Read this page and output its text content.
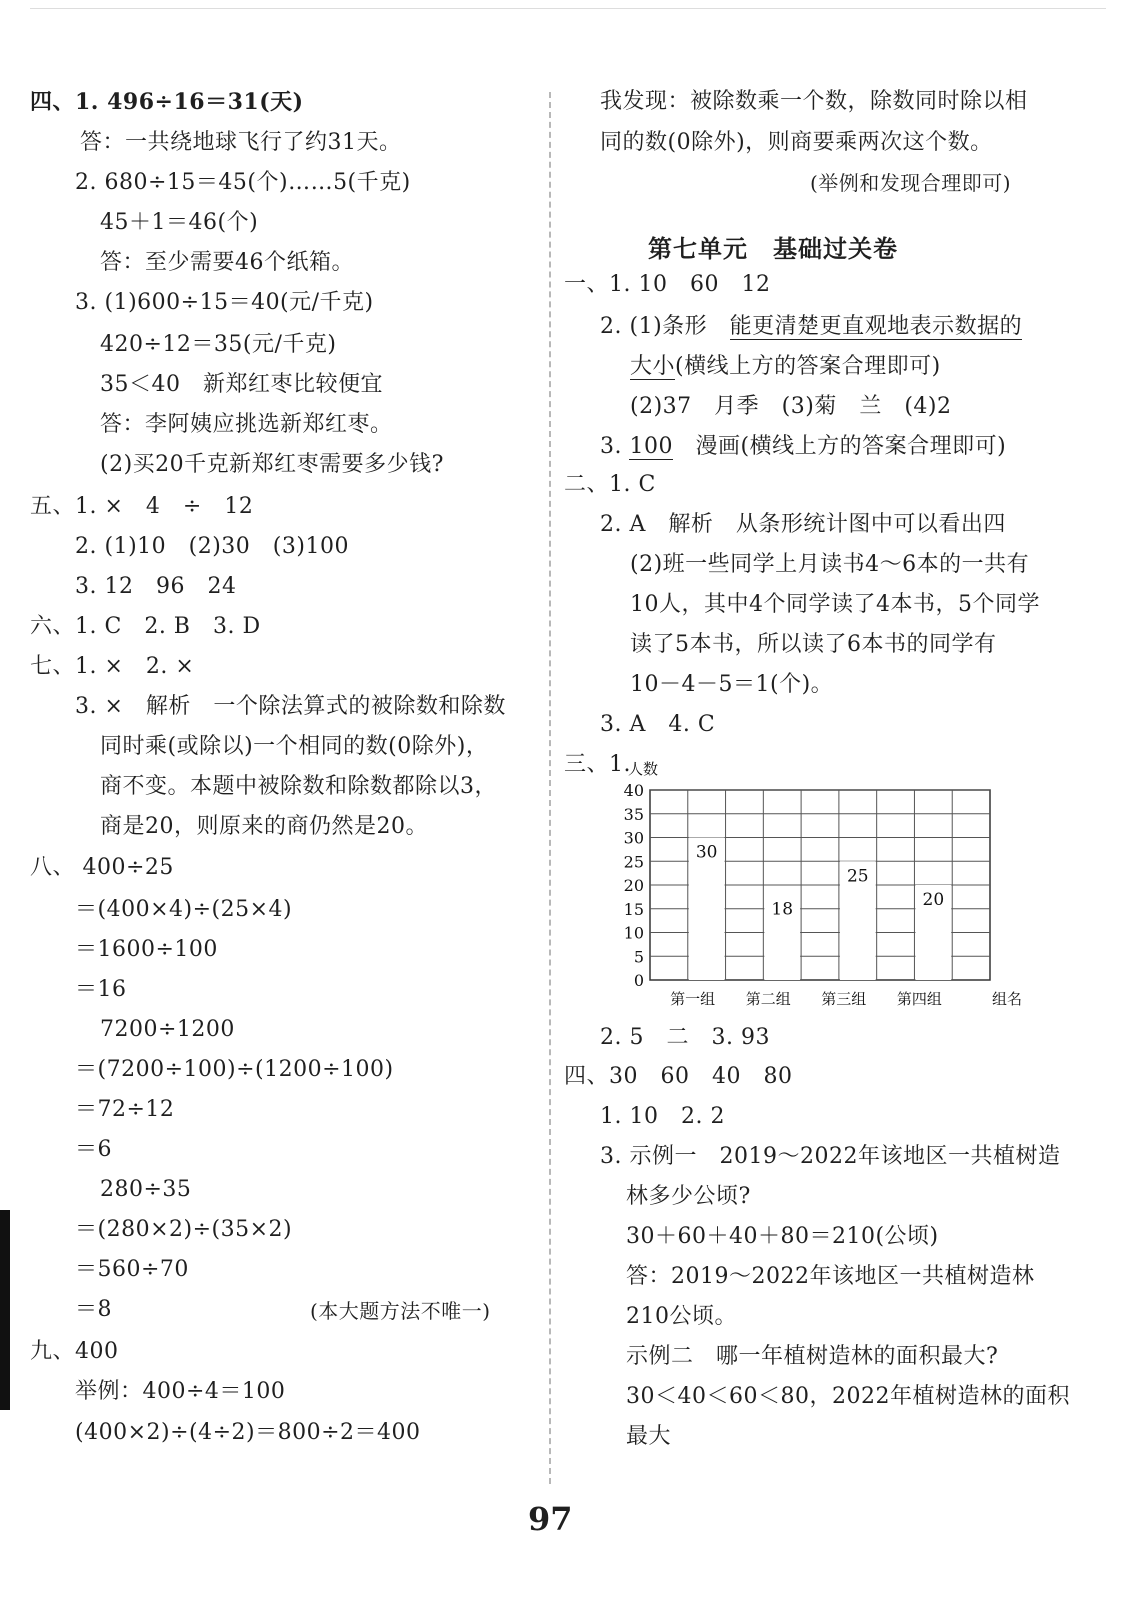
四、1. 496÷16＝31(天)
答：一共绕地球飞行了约31天。
2. 680÷15＝45(个)……5(千克)
45＋1＝46(个)
答：至少需要46个纸箱。
3. (1)600÷15＝40(元/千克)
420÷12＝35(元/千克)
35＜40　新郑红枣比较便宜
答：李阿姨应挑选新郑红枣。
(2)买20千克新郑红枣需要多少钱?
五、1. ×　4　÷　12
2. (1)10　(2)30　(3)100
3. 12　96　24
六、1. C　2. B　3. D
七、1. ×　2. ×
3. ×　解析　一个除法算式的被除数和除数
同时乘(或除以)一个相同的数(0除外)，
商不变。本题中被除数和除数都除以3，
商是20，则原来的商仍然是20。
八、 400÷25
＝(400×4)÷(25×4)
＝1600÷100
＝16
7200÷1200
＝(7200÷100)÷(1200÷100)
＝72÷12
＝6
280÷35
＝(280×2)÷(35×2)
＝560÷70
＝8	(本大题方法不唯一)
九、400
举例：400÷4＝100
(400×2)÷(4÷2)＝800÷2＝400
我发现：被除数乘一个数，除数同时除以相
同的数(0除外)，则商要乘两次这个数。
(举例和发现合理即可)
第七单元　基础过关卷
一、1. 10　60　12
2. (1)条形　能更清楚更直观地表示数据的
大小(横线上方的答案合理即可)
(2)37　月季　(3)菊　兰　(4)2
3. 100　漫画(横线上方的答案合理即可)
二、1. C
2. A　解析　从条形统计图中可以看出四
(2)班一些同学上月读书4～6本的一共有
10人，其中4个同学读了4本书，5个同学
读了5本书，所以读了6本书的同学有
10－4－5＝1(个)。
3. A　4. C
三、1.
2. 5　二　3. 93
四、30　60　40　80
1. 10　2. 2
3. 示例一　2019～2022年该地区一共植树造
林多少公顷?
30＋60＋40＋80＝210(公顷)
答：2019～2022年该地区一共植树造林
210公顷。
示例二　哪一年植树造林的面积最大?
30＜40＜60＜80，2022年植树造林的面积
最大
30
第一组
18
第二组
25
第三组
20
第四组
0
5
10
15
20
25
30
35
40
人数
组名
97
